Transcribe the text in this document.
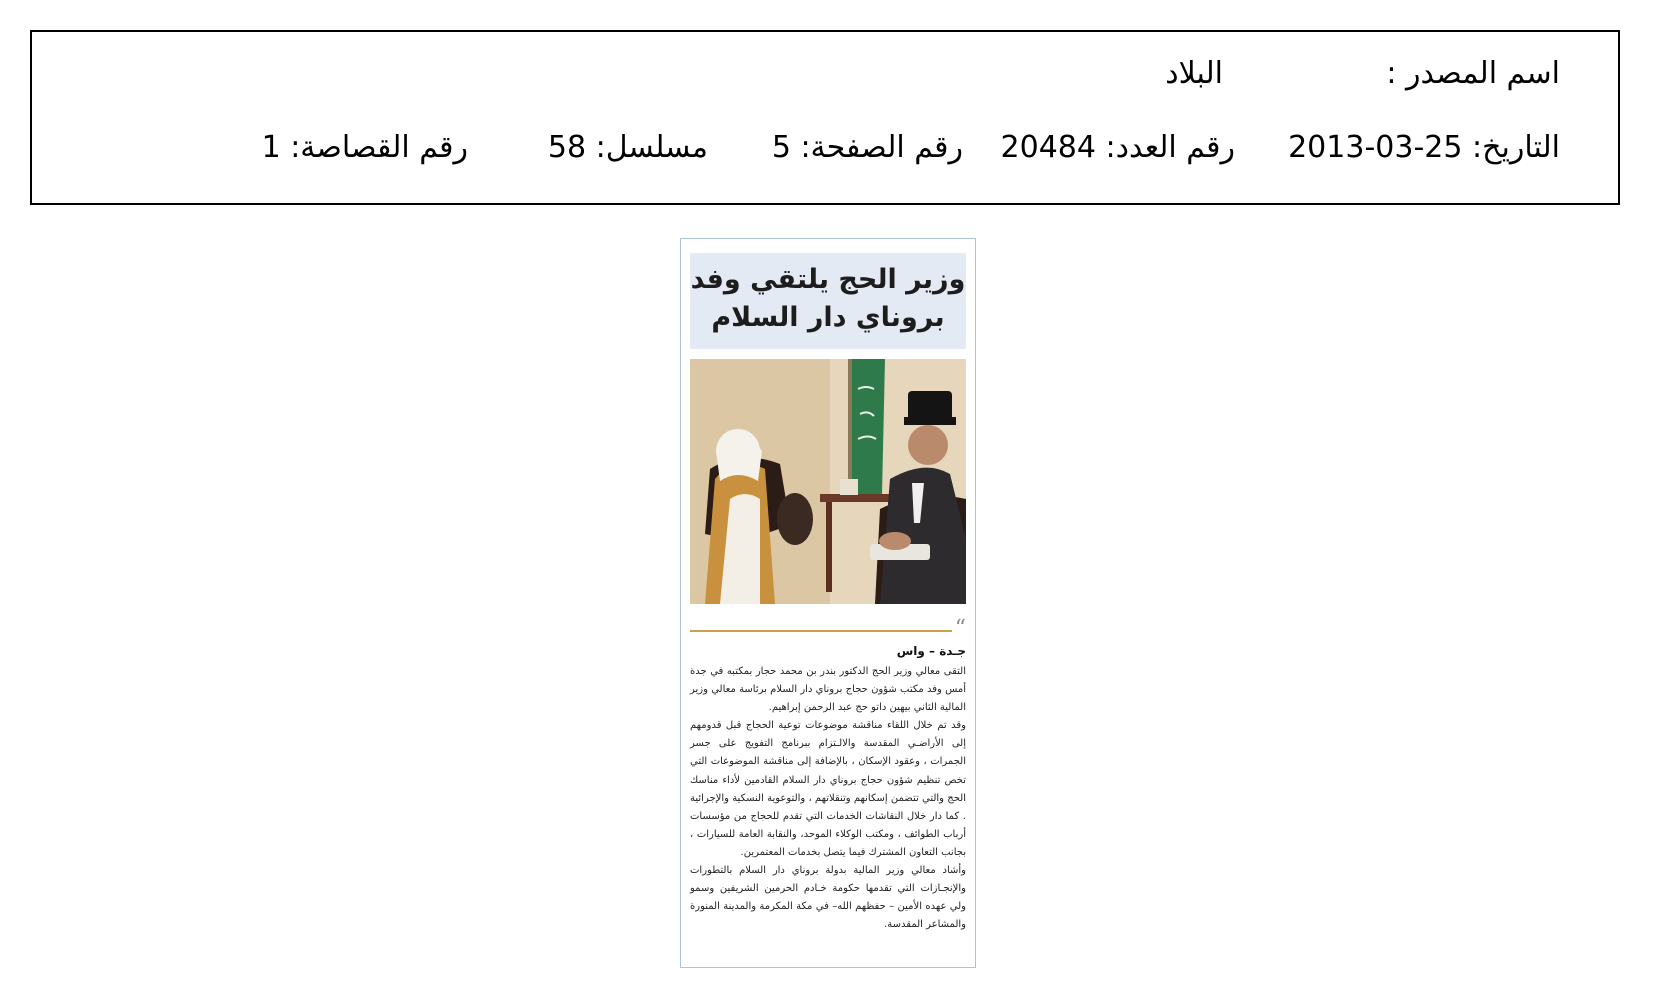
اسم المصدر :
البلاد
التاريخ: 25-03-2013
رقم العدد: 20484
رقم الصفحة: 5
مسلسل: 58
رقم القصاصة: 1
وزير الحج يلتقي وفد
بروناي دار السلام
“
جـدة – واس

التقى معالي وزير الحج الدكتور بندر بن محمد حجار بمكتبه في جدة أمس وفد مكتب شؤون حجاج بروناي دار السلام برئاسة معالي وزير المالية الثاني بيهين داتو حج عبد الرحمن إبراهيم.

وقد تم خلال اللقاء مناقشة موضوعات توعية الحجاج قبل قدومهم إلى الأراضـي المقدسة والالـتزام ببرنامج التفويج على جسر الجمرات ، وعقود الإسكان ، بالإضافة إلى مناقشة الموضوعات التي تخص تنظيم شؤون حجاج بروناي دار السلام القادمين لأداء مناسك الحج والتي تتضمن إسكانهم وتنقلاتهم ، والتوعوية النسكية والإجرائية . كما دار خلال النقاشات الخدمات التي تقدم للحجاج من مؤسسات أرباب الطوائف ، ومكتب الوكلاء الموحد، والنقابة العامة للسيارات ، بجانب التعاون المشترك فيما يتصل بخدمات المعتمرين.

وأشاد معالي وزير المالية بدولة بروناي دار السلام بالتطورات والإنجـازات التي تقدمها حكومة خـادم الحرمين الشريفين وسمو ولي عهده الأمين – حفظهم الله– في مكة المكرمة والمدينة المنورة والمشاعر المقدسة.
